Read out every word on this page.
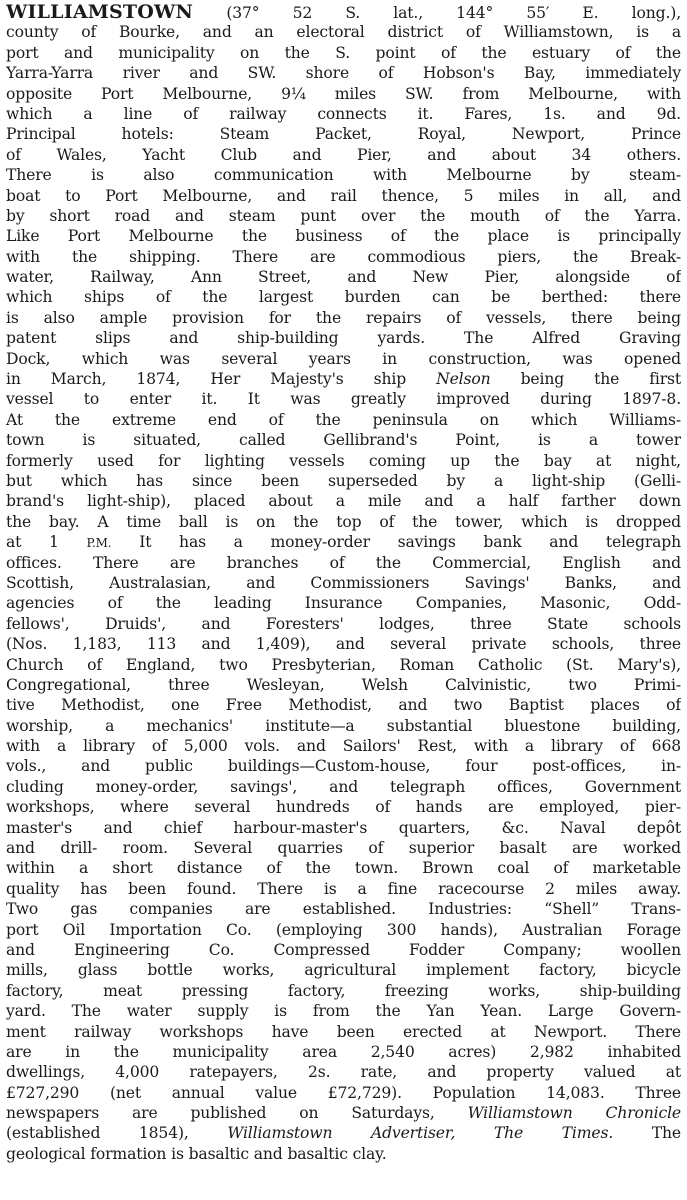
WILLIAMSTOWN (37° 52 S. lat., 144° 55′ E. long.),
county of Bourke, and an electoral district of Williamstown, is a
port and municipality on the S. point of the estuary of the
Yarra-Yarra river and SW. shore of Hobson's Bay, immediately
opposite Port Melbourne, 9¼ miles SW. from Melbourne, with
which a line of railway connects it. Fares, 1s. and 9d.
Principal hotels: Steam Packet, Royal, Newport, Prince
of Wales, Yacht Club and Pier, and about 34 others.
There is also communication with Melbourne by steam-
boat to Port Melbourne, and rail thence, 5 miles in all, and
by short road and steam punt over the mouth of the Yarra.
Like Port Melbourne the business of the place is principally
with the shipping. There are commodious piers, the Break-
water, Railway, Ann Street, and New Pier, alongside of
which ships of the largest burden can be berthed: there
is also ample provision for the repairs of vessels, there being
patent slips and ship-building yards. The Alfred Graving
Dock, which was several years in construction, was opened
in March, 1874, Her Majesty's ship Nelson being the first
vessel to enter it. It was greatly improved during 1897-8.
At the extreme end of the peninsula on which Williams-
town is situated, called Gellibrand's Point, is a tower
formerly used for lighting vessels coming up the bay at night,
but which has since been superseded by a light-ship (Gelli-
brand's light-ship), placed about a mile and a half farther down
the bay. A time ball is on the top of the tower, which is dropped
at 1 P.M. It has a money-order savings bank and telegraph
offices. There are branches of the Commercial, English and
Scottish, Australasian, and Commissioners Savings' Banks, and
agencies of the leading Insurance Companies, Masonic, Odd-
fellows', Druids', and Foresters' lodges, three State schools
(Nos. 1,183, 113 and 1,409), and several private schools, three
Church of England, two Presbyterian, Roman Catholic (St. Mary's),
Congregational, three Wesleyan, Welsh Calvinistic, two Primi-
tive Methodist, one Free Methodist, and two Baptist places of
worship, a mechanics' institute—a substantial bluestone building,
with a library of 5,000 vols. and Sailors' Rest, with a library of 668
vols., and public buildings—Custom-house, four post-offices, in-
cluding money-order, savings', and telegraph offices, Government
workshops, where several hundreds of hands are employed, pier-
master's and chief harbour-master's quarters, &c. Naval depôt
and drill- room. Several quarries of superior basalt are worked
within a short distance of the town. Brown coal of marketable
quality has been found. There is a fine racecourse 2 miles away.
Two gas companies are established. Industries: “Shell” Trans-
port Oil Importation Co. (employing 300 hands), Australian Forage
and Engineering Co. Compressed Fodder Company; woollen
mills, glass bottle works, agricultural implement factory, bicycle
factory, meat pressing factory, freezing works, ship-building
yard. The water supply is from the Yan Yean. Large Govern-
ment railway workshops have been erected at Newport. There
are in the municipality area 2,540 acres) 2,982 inhabited
dwellings, 4,000 ratepayers, 2s. rate, and property valued at
£727,290 (net annual value £72,729). Population 14,083. Three
newspapers are published on Saturdays, Williamstown Chronicle
(established 1854), Williamstown Advertiser, The Times. The
geological formation is basaltic and basaltic clay.
